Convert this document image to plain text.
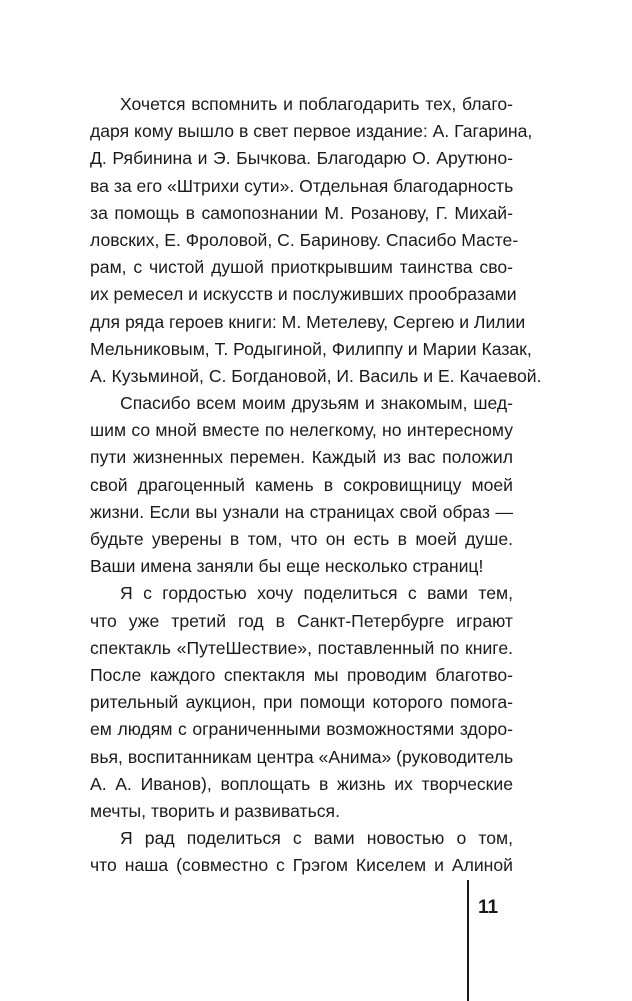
Хочется вспомнить и поблагодарить тех, благо-
даря кому вышло в свет первое издание: А. Гагарина,
Д. Рябинина и Э. Бычкова. Благодарю О. Арутюно-
ва за его «Штрихи сути». Отдельная благодарность
за помощь в самопознании М. Розанову, Г. Михай-
ловских, Е. Фроловой, С. Баринову. Спасибо Масте-
рам, с чистой душой приоткрывшим таинства сво-
их ремесел и искусств и послуживших прообразами
для ряда героев книги: М. Метелеву, Сергею и Лилии
Мельниковым, Т. Родыгиной, Филиппу и Марии Казак,
А. Кузьминой, С. Богдановой, И. Василь и Е. Качаевой.
Спасибо всем моим друзьям и знакомым, шед-
шим со мной вместе по нелегкому, но интересному
пути жизненных перемен. Каждый из вас положил
свой драгоценный камень в сокровищницу моей
жизни. Если вы узнали на страницах свой образ —
будьте уверены в том, что он есть в моей душе.
Ваши имена заняли бы еще несколько страниц!
Я с гордостью хочу поделиться с вами тем,
что уже третий год в Санкт-Петербурге играют
спектакль «ПутеШествие», поставленный по книге.
После каждого спектакля мы проводим благотво-
рительный аукцион, при помощи которого помога-
ем людям с ограниченными возможностями здоро-
вья, воспитанникам центра «Анима» (руководитель
А. А. Иванов), воплощать в жизнь их творческие
мечты, творить и развиваться.
Я рад поделиться с вами новостью о том,
что наша (совместно с Грэгом Киселем и Алиной
11
